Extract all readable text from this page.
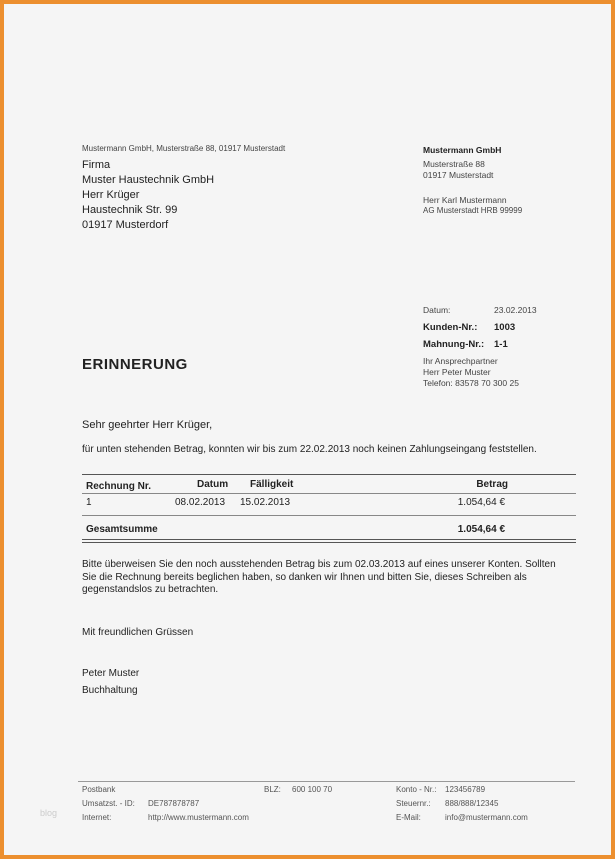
Mustermann GmbH, Musterstraße 88, 01917 Musterstadt
Firma
Muster Haustechnik GmbH
Herr Krüger
Haustechnik Str. 99
01917 Musterdorf
Mustermann GmbH
Musterstraße 88
01917 Musterstadt
Herr Karl Mustermann
AG Musterstadt HRB 99999
Datum:	23.02.2013
Kunden-Nr.: 1003
Mahnung-Nr.: 1-1
Ihr Ansprechpartner
Herr Peter Muster
Telefon: 83578 70 300 25
ERINNERUNG
Sehr geehrter Herr Krüger,
für unten stehenden Betrag, konnten wir bis zum 22.02.2013 noch keinen Zahlungseingang feststellen.
Rechnung Nr.	Datum Fälligkeit	Betrag
1	08.02.2013 15.02.2013	1.054,64 €
Gesamtsumme	1.054,64 €
Bitte überweisen Sie den noch ausstehenden Betrag bis zum 02.03.2013 auf eines unserer Konten. Sollten Sie die Rechnung bereits beglichen haben, so danken wir Ihnen und bitten Sie, dieses Schreiben als gegenstandslos zu betrachten.
Mit freundlichen Grüssen
Peter Muster
Buchhaltung
Postbank	BLZ: 600 100 70	Konto - Nr.: 123456789
Umsatzst. - ID: DE787878787	Steuernr.: 888/888/12345
Internet:	http://www.mustermann.com	E-Mail:	info@mustermann.com
blog
